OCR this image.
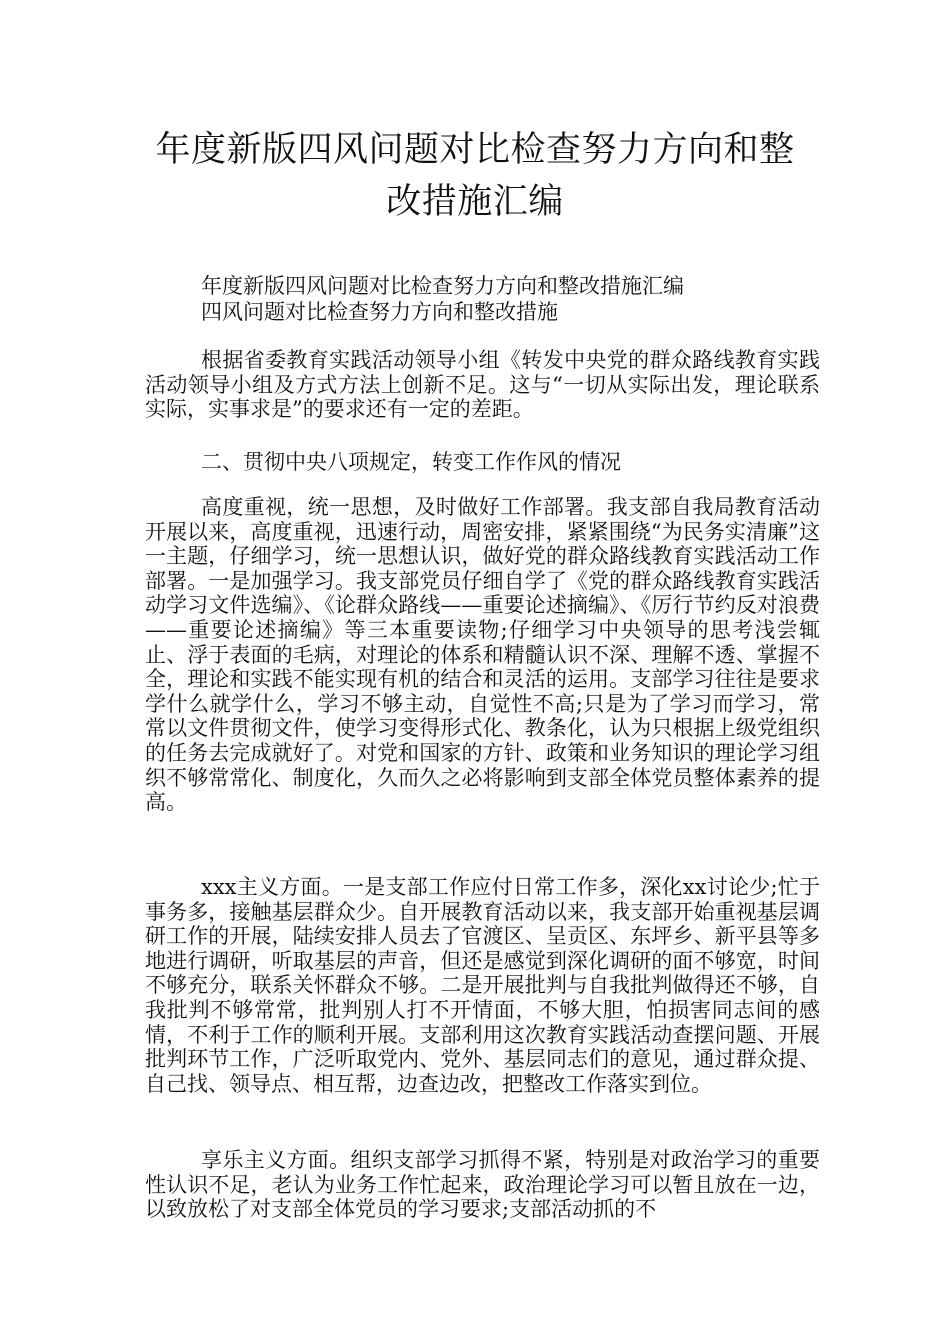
年度新版四风问题对比检查努力方向和整改措施汇编

年度新版四风问题对比检查努力方向和整改措施汇编

四风问题对比检查努力方向和整改措施

根据省委教育实践活动领导小组《转发中央党的群众路线教育实践活动领导小组及方式方法上创新不足。这与“一切从实际出发，理论联系实际，实事求是”的要求还有一定的差距。

二、贯彻中央八项规定，转变工作作风的情况

高度重视，统一思想，及时做好工作部署。我支部自我局教育活动开展以来，高度重视，迅速行动，周密安排，紧紧围绕“为民务实清廉”这一主题，仔细学习，统一思想认识，做好党的群众路线教育实践活动工作部署。一是加强学习。我支部党员仔细自学了《党的群众路线教育实践活动学习文件选编》、《论群众路线——重要论述摘编》、《厉行节约反对浪费——重要论述摘编》等三本重要读物;仔细学习中央领导的思考浅尝辄止、浮于表面的毛病，对理论的体系和精髓认识不深、理解不透、掌握不全，理论和实践不能实现有机的结合和灵活的运用。支部学习往往是要求学什么就学什么，学习不够主动，自觉性不高;只是为了学习而学习，常常以文件贯彻文件，使学习变得形式化、教条化，认为只根据上级党组织的任务去完成就好了。对党和国家的方针、政策和业务知识的理论学习组织不够常常化、制度化，久而久之必将影响到支部全体党员整体素养的提高。

xxx主义方面。一是支部工作应付日常工作多，深化xx讨论少;忙于事务多，接触基层群众少。自开展教育活动以来，我支部开始重视基层调研工作的开展，陆续安排人员去了官渡区、呈贡区、东坪乡、新平县等多地进行调研，听取基层的声音，但还是感觉到深化调研的面不够宽，时间不够充分，联系关怀群众不够。二是开展批判与自我批判做得还不够，自我批判不够常常，批判别人打不开情面，不够大胆，怕损害同志间的感情，不利于工作的顺利开展。支部利用这次教育实践活动查摆问题、开展批判环节工作，广泛听取党内、党外、基层同志们的意见，通过群众提、自己找、领导点、相互帮，边查边改，把整改工作落实到位。

享乐主义方面。组织支部学习抓得不紧，特别是对政治学习的重要性认识不足，老认为业务工作忙起来，政治理论学习可以暂且放在一边，以致放松了对支部全体党员的学习要求;支部活动抓的不
